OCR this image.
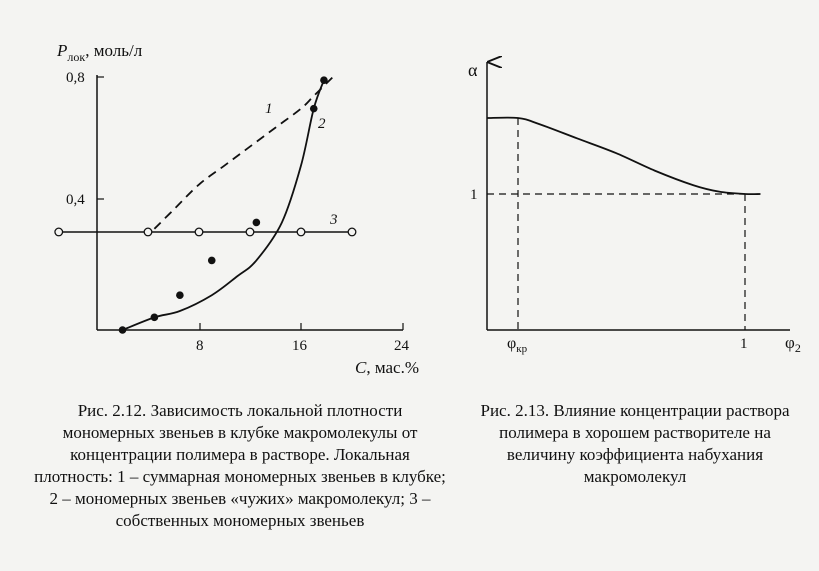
0,8
0,4
8	16	24
$P_{лок}$, моль/л
C, мас.%
1
2
3
α
$\varphi_2$
$\varphi_{кр}$	1
1
Рис. 2.12. Зависимость локальной плотности мономерных звеньев в клубке макромолекулы от концентрации полимера в растворе. Локальная плотность: 1 – суммарная мономерных звеньев в клубке; 2 – мономерных звеньев «чужих» макромолекул; 3 – собственных мономерных звеньев
Рис. 2.13. Влияние концентрации раствора полимера в хорошем растворителе на величину коэффициента набухания макромолекул
